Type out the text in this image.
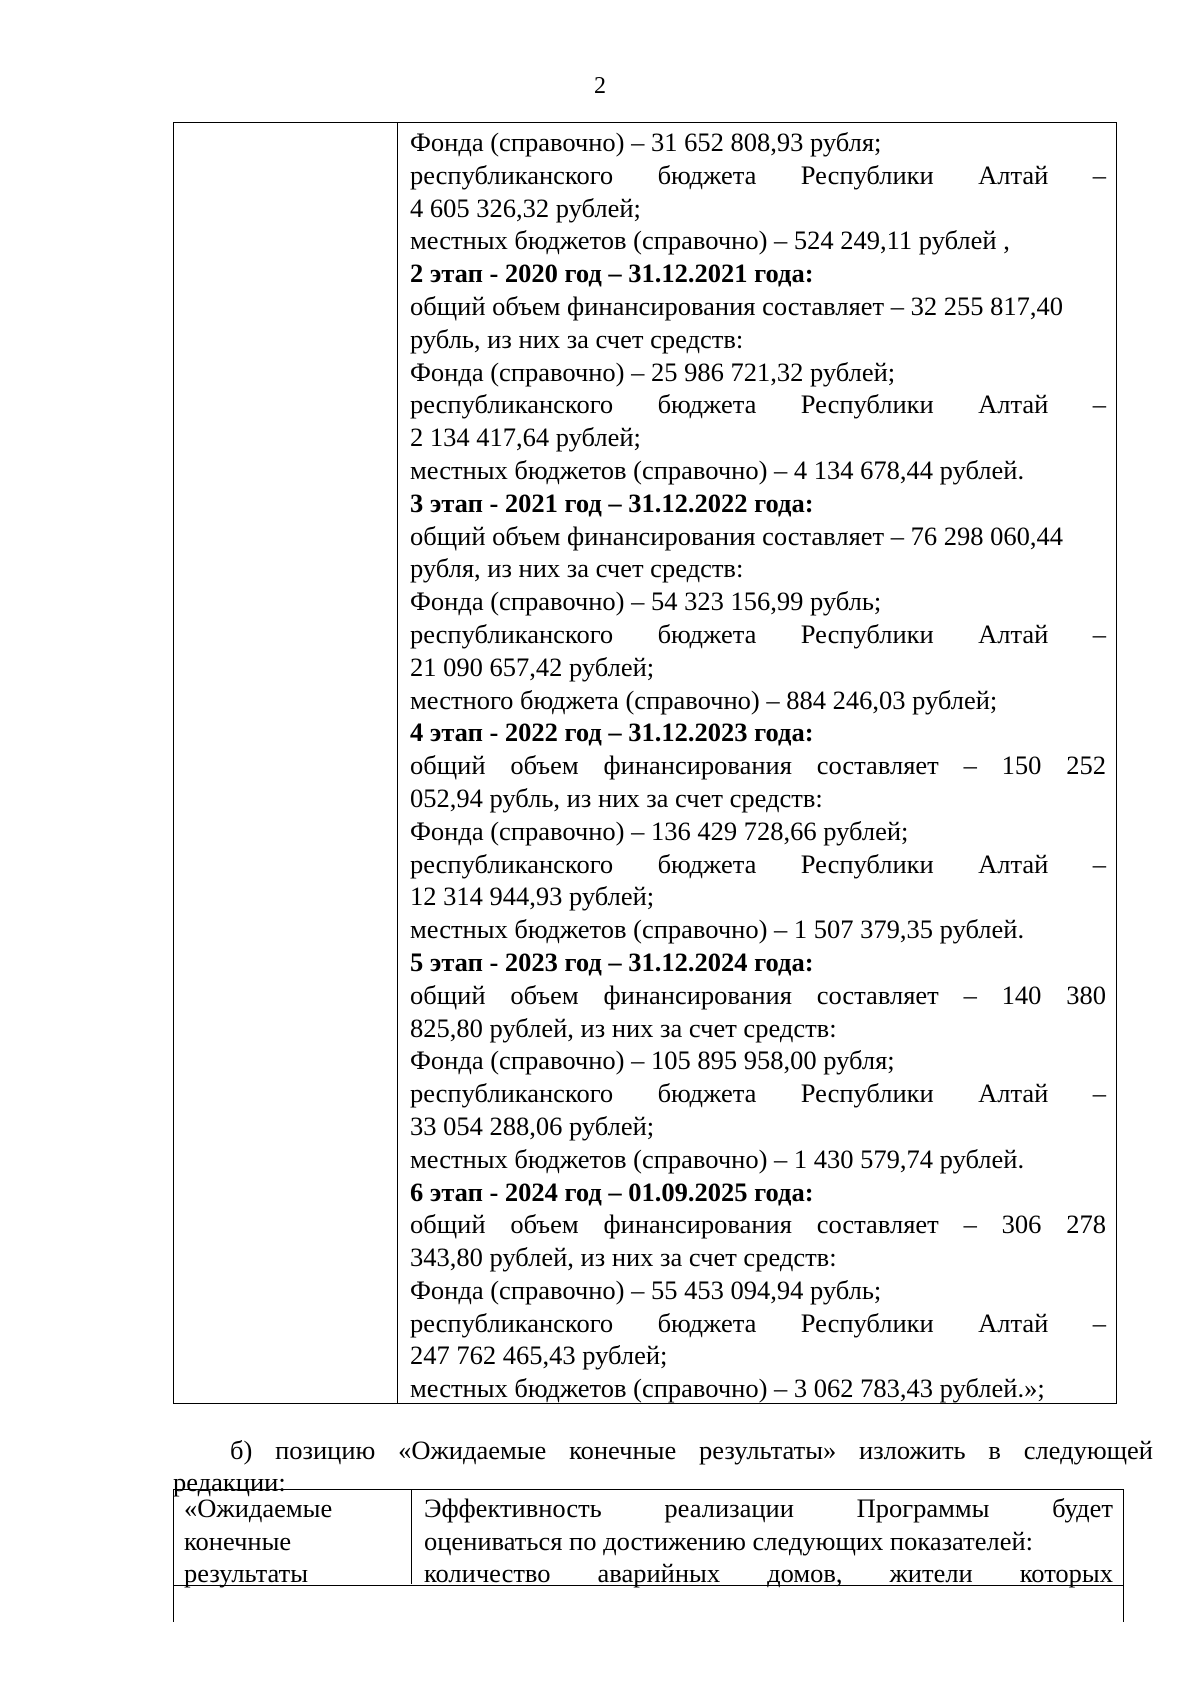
2
Фонда (справочно) – 31 652 808,93 рубля;
республиканского бюджета Республики Алтай –
4 605 326,32 рублей;
местных бюджетов (справочно) – 524 249,11 рублей ,
2 этап - 2020 год – 31.12.2021 года:
общий объем финансирования составляет – 32 255 817,40
рубль, из них за счет средств:
Фонда (справочно) – 25 986 721,32 рублей;
республиканского бюджета Республики Алтай –
2 134 417,64 рублей;
местных бюджетов (справочно) – 4 134 678,44 рублей.
3 этап - 2021 год – 31.12.2022 года:
общий объем финансирования составляет – 76 298 060,44
рубля, из них за счет средств:
Фонда (справочно) – 54 323 156,99 рубль;
республиканского бюджета Республики Алтай –
21 090 657,42 рублей;
местного бюджета (справочно) – 884 246,03 рублей;
4 этап - 2022 год – 31.12.2023 года:
общий объем финансирования составляет – 150 252
052,94 рубль, из них за счет средств:
Фонда (справочно) – 136 429 728,66 рублей;
республиканского бюджета Республики Алтай –
12 314 944,93 рублей;
местных бюджетов (справочно) – 1 507 379,35 рублей.
5 этап - 2023 год – 31.12.2024 года:
общий объем финансирования составляет – 140 380
825,80 рублей, из них за счет средств:
Фонда (справочно) – 105 895 958,00 рубля;
республиканского бюджета Республики Алтай –
33 054 288,06 рублей;
местных бюджетов (справочно) – 1 430 579,74 рублей.
6 этап - 2024 год – 01.09.2025 года:
общий объем финансирования составляет – 306 278
343,80 рублей, из них за счет средств:
Фонда (справочно) – 55 453 094,94 рубль;
республиканского бюджета Республики Алтай –
247 762 465,43 рублей;
местных бюджетов (справочно) – 3 062 783,43 рублей.»;
б) позицию «Ожидаемые конечные результаты» изложить в следующей
редакции:
«Ожидаемые
конечные
результаты
Эффективность реализации Программы будет
оцениваться по достижению следующих показателей:
количество аварийных домов, жители которых
